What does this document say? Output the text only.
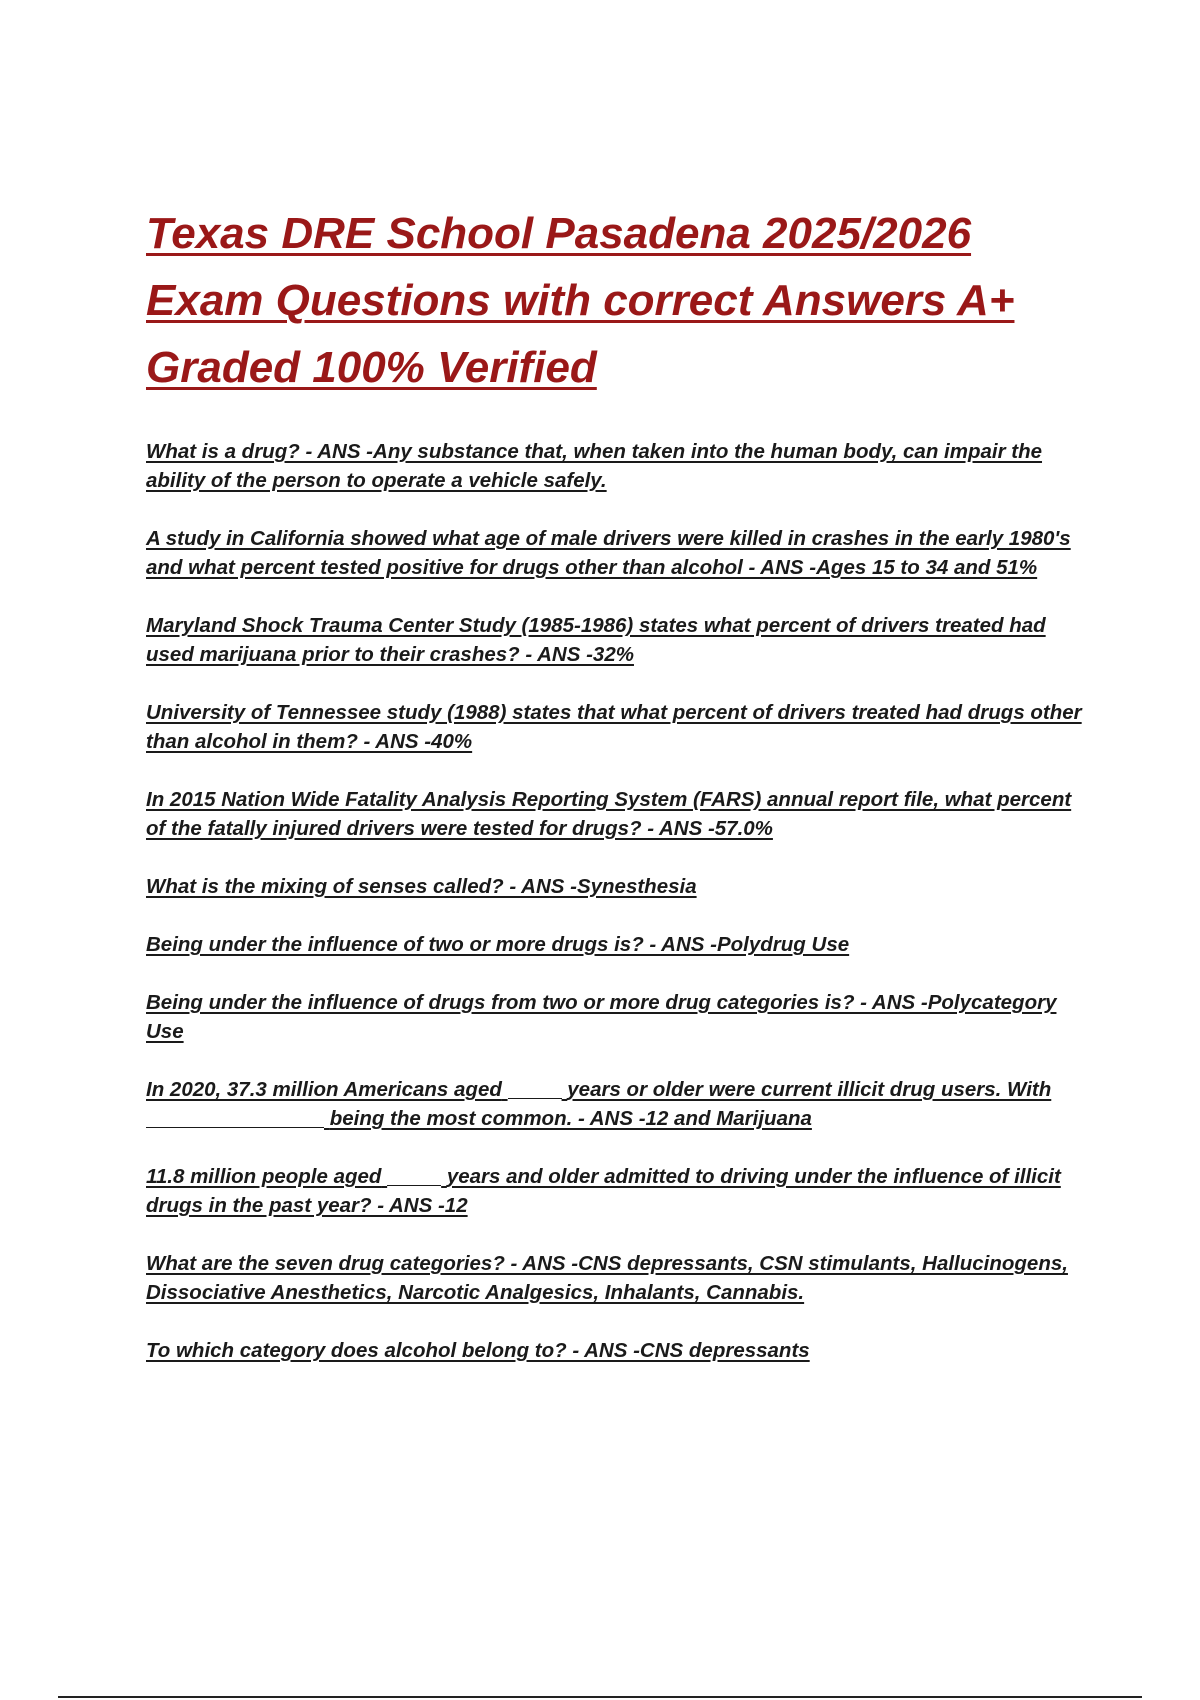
Texas DRE School Pasadena 2025/2026 Exam Questions with correct Answers A+ Graded 100% Verified

What is a drug? - ANS -Any substance that, when taken into the human body, can impair the ability of the person to operate a vehicle safely.

A study in California showed what age of male drivers were killed in crashes in the early 1980's and what percent tested positive for drugs other than alcohol - ANS -Ages 15 to 34 and 51%

Maryland Shock Trauma Center Study (1985-1986) states what percent of drivers treated had used marijuana prior to their crashes? - ANS -32%

University of Tennessee study (1988) states that what percent of drivers treated had drugs other than alcohol in them? - ANS -40%

In 2015 Nation Wide Fatality Analysis Reporting System (FARS) annual report file, what percent of the fatally injured drivers were tested for drugs? - ANS -57.0%

What is the mixing of senses called? - ANS -Synesthesia

Being under the influence of two or more drugs is? - ANS -Polydrug Use

Being under the influence of drugs from two or more drug categories is? - ANS -Polycategory Use

In 2020, 37.3 million Americans aged	years or older were current illicit drug users. With  being the most common. - ANS -12 and Marijuana

11.8 million people aged	years and older admitted to driving under the influence of illicit drugs in the past year? - ANS -12

What are the seven drug categories? - ANS -CNS depressants, CSN stimulants, Hallucinogens, Dissociative Anesthetics, Narcotic Analgesics, Inhalants, Cannabis.

To which category does alcohol belong to? - ANS -CNS depressants
